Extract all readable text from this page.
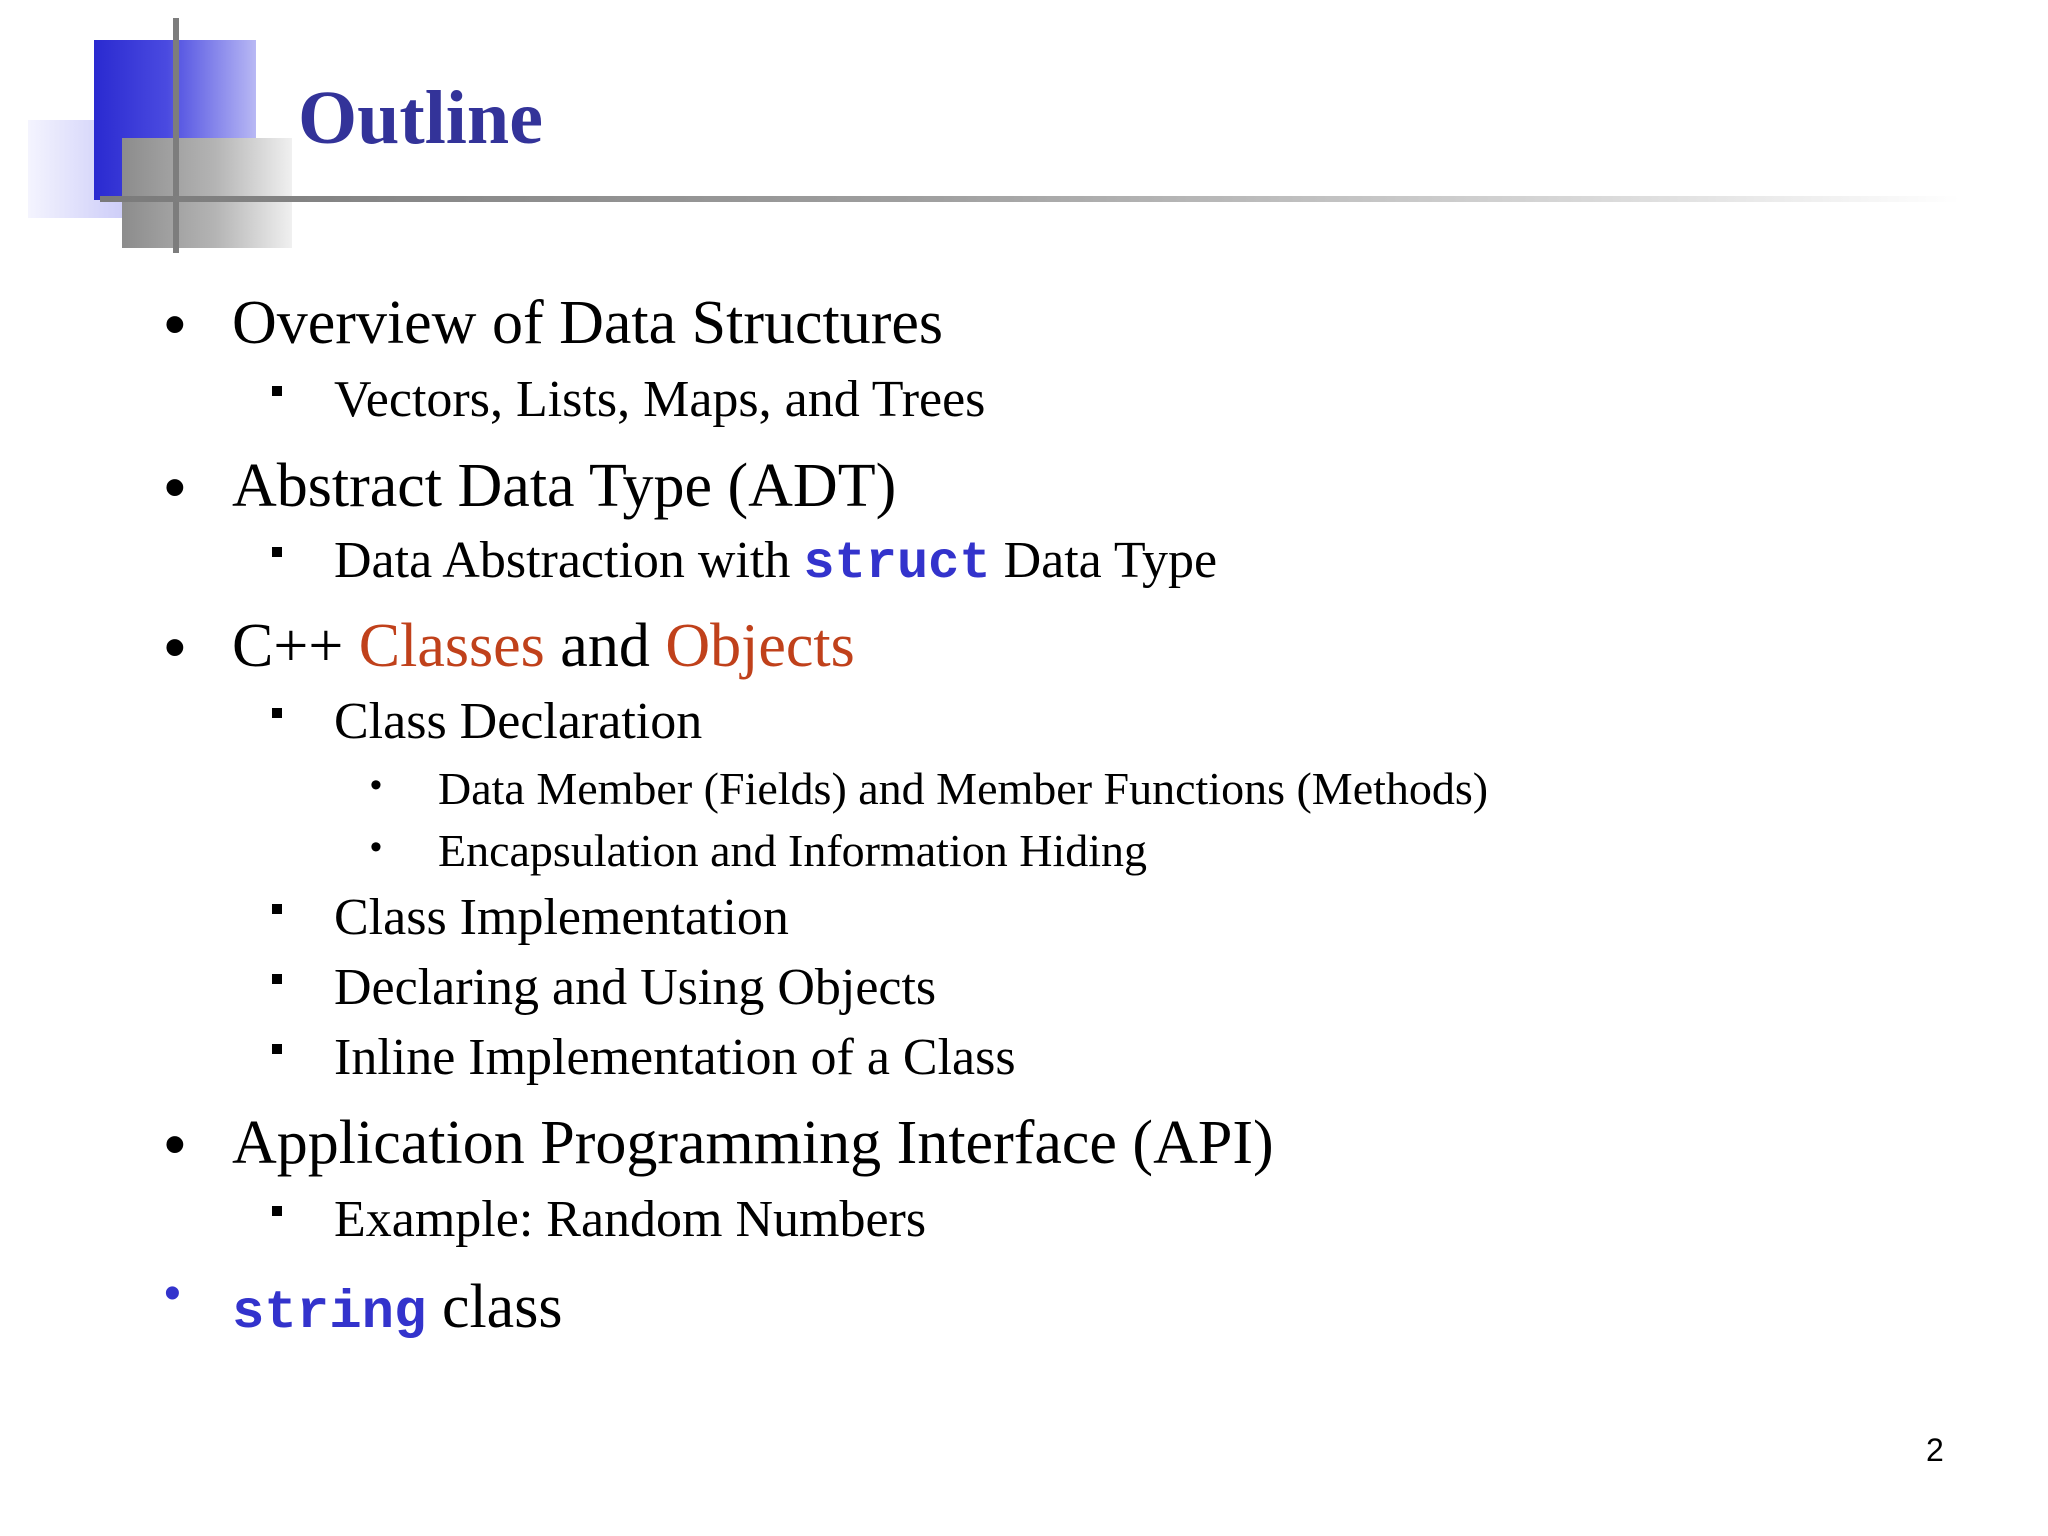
Outline
• Overview of Data Structures
Vectors, Lists, Maps, and Trees
• Abstract Data Type (ADT)
Data Abstraction with struct Data Type
• C++ Classes and Objects
Class Declaration
• Data Member (Fields) and Member Functions (Methods)
• Encapsulation and Information Hiding
Class Implementation
Declaring and Using Objects
Inline Implementation of a Class
• Application Programming Interface (API)
Example: Random Numbers
• string class
2
